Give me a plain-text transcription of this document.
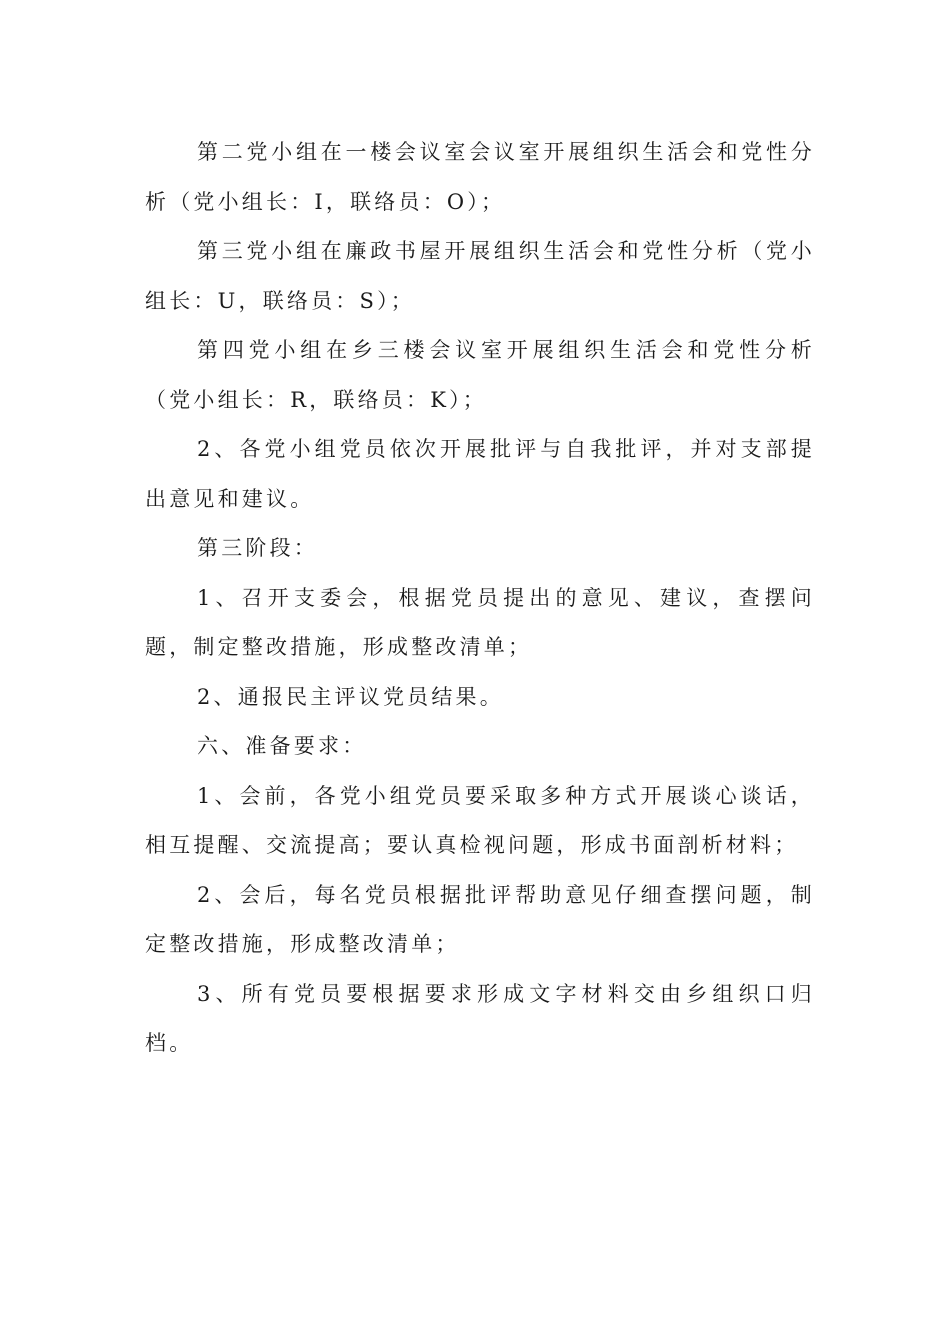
第二党小组在一楼会议室会议室开展组织生活会和党性分析（党小组长：I，联络员：O）；

第三党小组在廉政书屋开展组织生活会和党性分析（党小组长：U，联络员：S）；

第四党小组在乡三楼会议室开展组织生活会和党性分析（党小组长：R，联络员：K）；

2、各党小组党员依次开展批评与自我批评，并对支部提出意见和建议。

第三阶段：

1、召开支委会，根据党员提出的意见、建议，查摆问题，制定整改措施，形成整改清单；

2、通报民主评议党员结果。

六、准备要求：

1、会前，各党小组党员要采取多种方式开展谈心谈话，相互提醒、交流提高；要认真检视问题，形成书面剖析材料；

2、会后，每名党员根据批评帮助意见仔细查摆问题，制定整改措施，形成整改清单；

3、所有党员要根据要求形成文字材料交由乡组织口归档。
